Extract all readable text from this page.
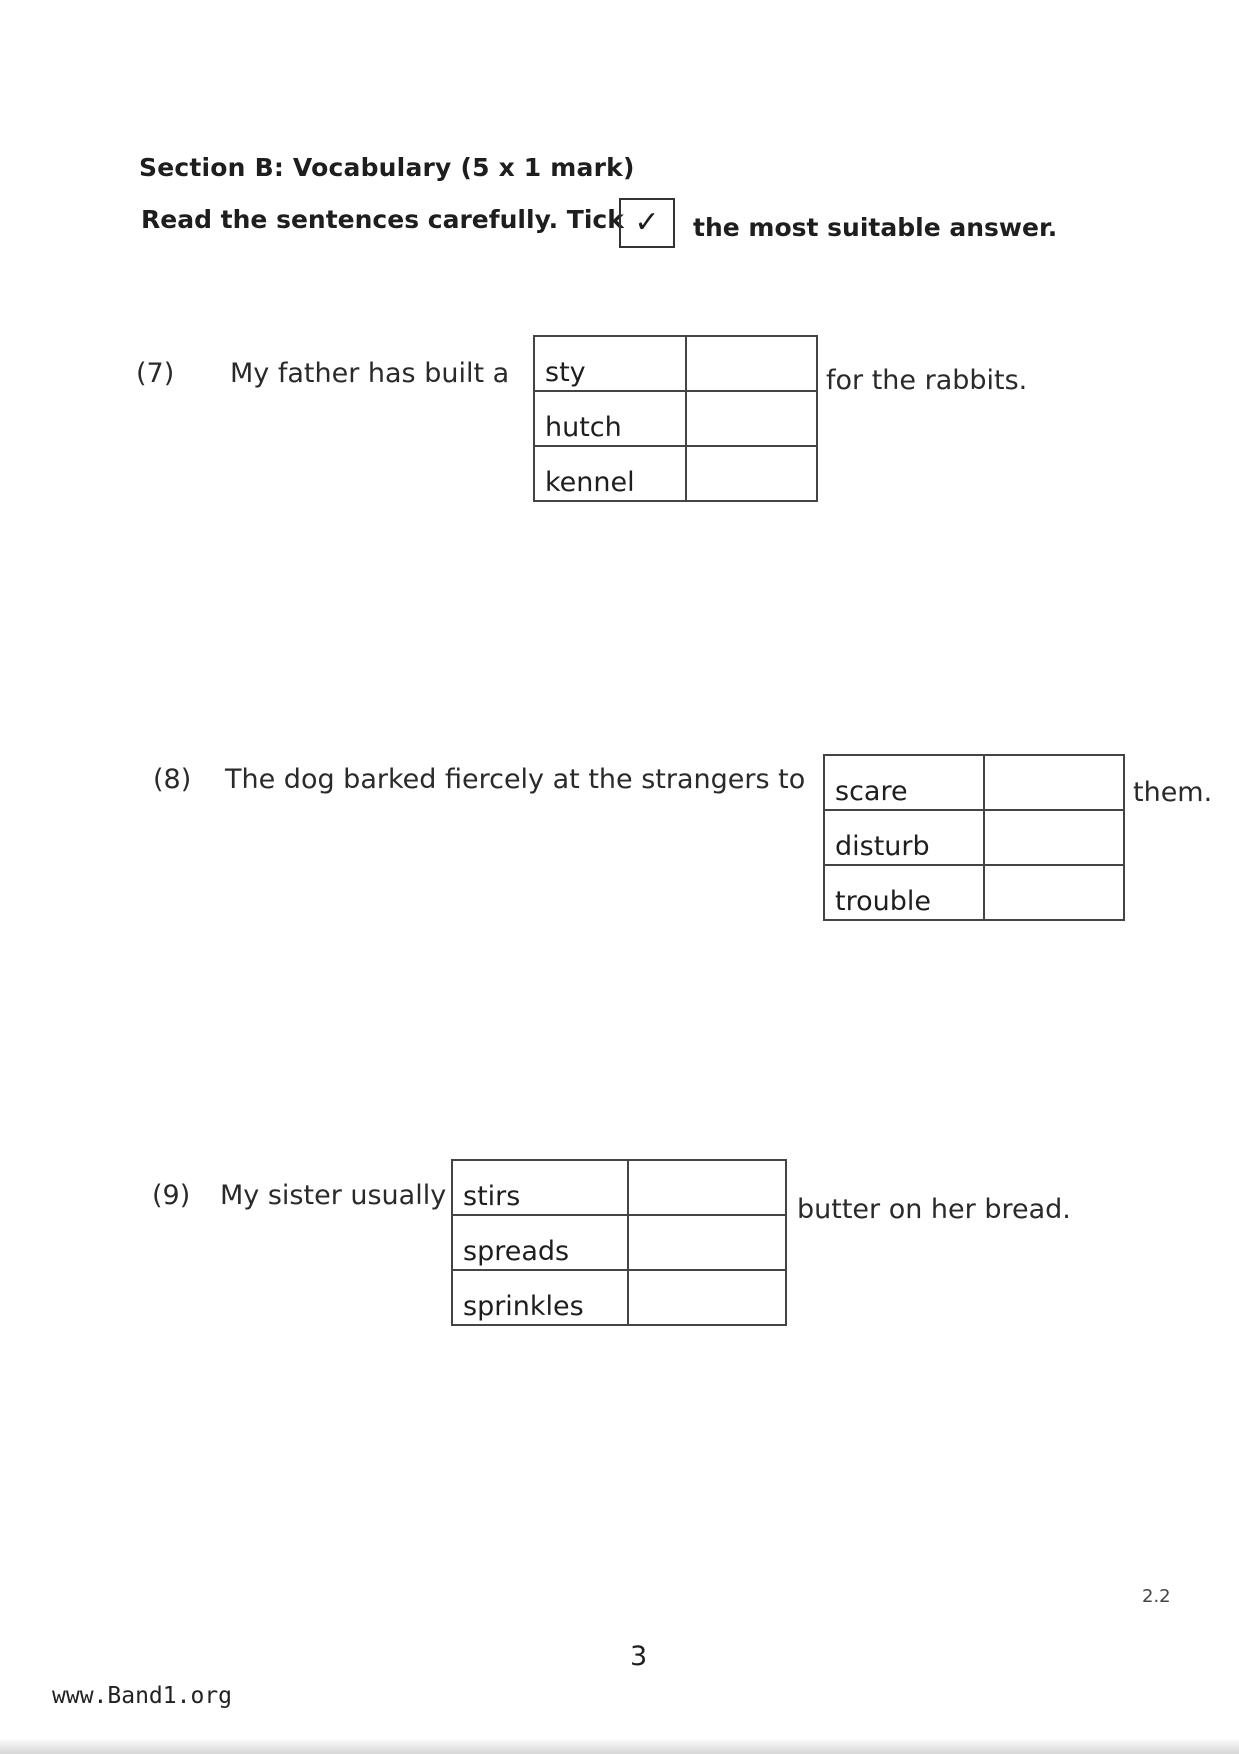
Section B: Vocabulary (5 x 1 mark)
Read the sentences carefully. Tick ✓	the most suitable answer.
(7) My father has built a sty	
hutch	
kennel	
for the rabbits.
(8) The dog barked fiercely at the strangers to scare	
disturb	
trouble	
them.
(9) My sister usually stirs	
spreads	
sprinkles	
butter on her bread.
2.2
3
www.Band1.org
